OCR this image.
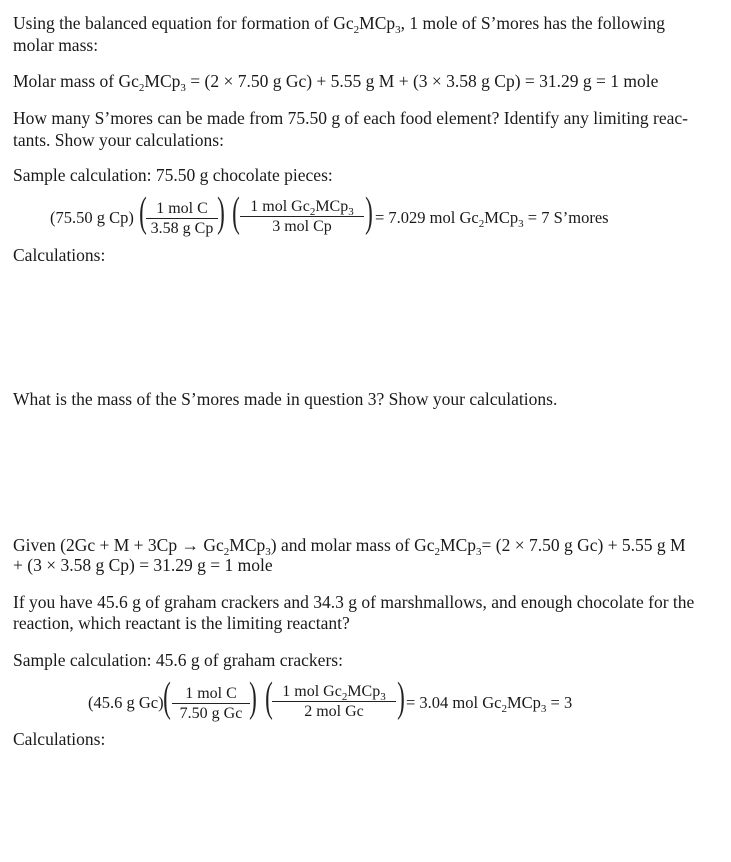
Using the balanced equation for formation of $Gc_2MCp_3$, 1 mole of S’mores has the following
molar mass:
Molar mass of $Gc_2MCp_3 = (2 \times 7.50$ g Gc) + 5.55 g M + (3 × 3.58 g Cp) = 31.29 g = 1 mole
How many S’mores can be made from 75.50 g of each food element? Identify any limiting reac-
tants. Show your calculations:
Sample calculation: 75.50 g chocolate pieces:
(75.50 g Cp) ( 1 mol C
3.58 g Cp ) ( 1 mol $Gc_2MCp_3$
3 mol Cp ) = 7.029 mol $Gc_2MCp_3 = 7$ S’mores
Calculations:
What is the mass of the S’mores made in question 3? Show your calculations.
Given $(2Gc + M + 3Cp \to Gc_2MCp_3)$ and molar mass of $Gc_2MCp_3= (2 \times 7.50$ g Gc) + 5.55 g M
+ (3 × 3.58 g Cp) = 31.29 g = 1 mole
If you have 45.6 g of graham crackers and 34.3 g of marshmallows, and enough chocolate for the
reaction, which reactant is the limiting reactant?
Sample calculation: 45.6 g of graham crackers:
(45.6 g Gc) ( 1 mol C
7.50 g Gc ) ( 1 mol $Gc_2MCp_3$
2 mol Gc ) = 3.04 mol $Gc_2MCp_3 = 3$
Calculations:
